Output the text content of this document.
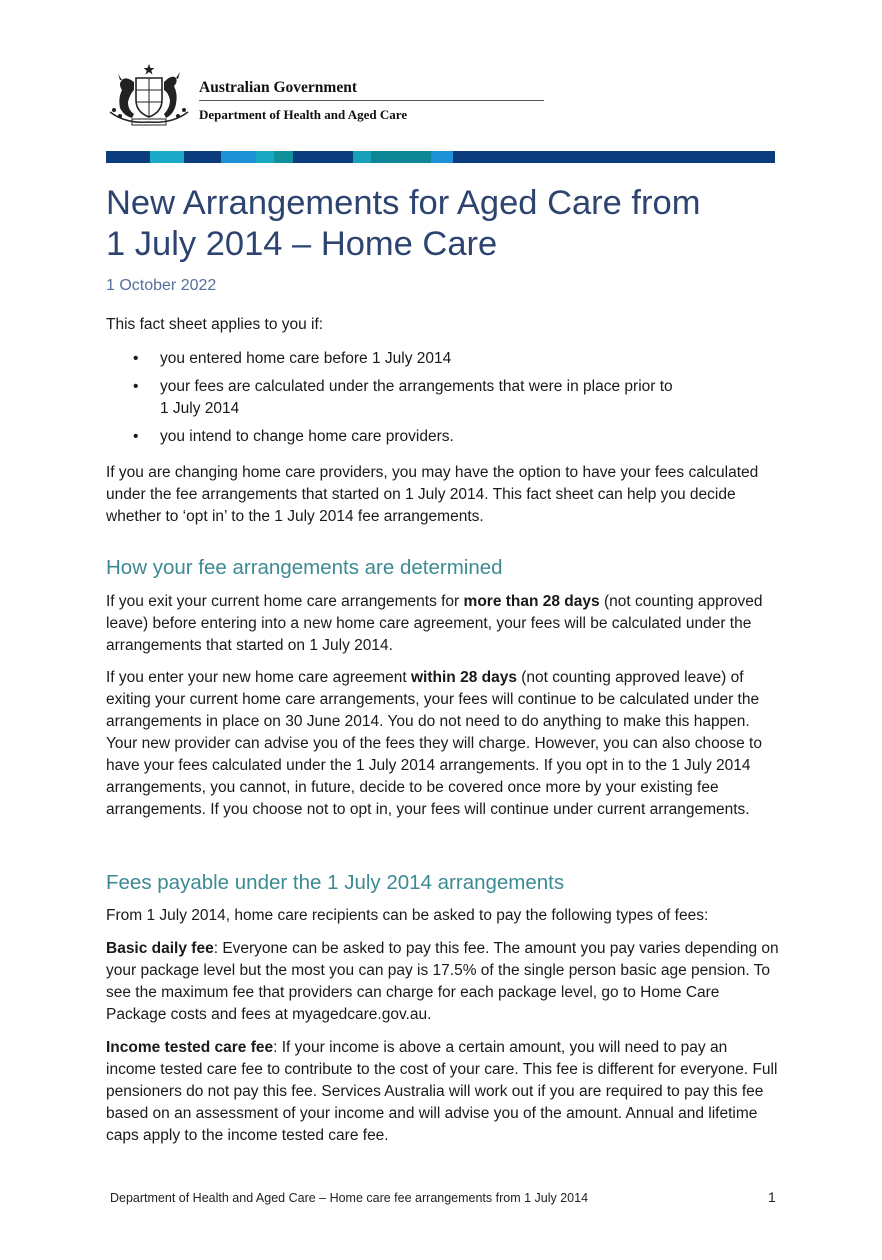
Australian Government
Department of Health and Aged Care
New Arrangements for Aged Care from
1 July 2014 – Home Care
1 October 2022

This fact sheet applies to you if:

• you entered home care before 1 July 2014
• your fees are calculated under the arrangements that were in place prior to
1 July 2014
• you intend to change home care providers.

If you are changing home care providers, you may have the option to have your fees calculated under the fee arrangements that started on 1 July 2014. This fact sheet can help you decide whether to ‘opt in’ to the 1 July 2014 fee arrangements.

How your fee arrangements are determined

If you exit your current home care arrangements for more than 28 days (not counting approved leave) before entering into a new home care agreement, your fees will be calculated under the arrangements that started on 1 July 2014.

If you enter your new home care agreement within 28 days (not counting approved leave) of exiting your current home care arrangements, your fees will continue to be calculated under the arrangements in place on 30 June 2014. You do not need to do anything to make this happen. Your new provider can advise you of the fees they will charge. However, you can also choose to have your fees calculated under the 1 July 2014 arrangements. If you opt in to the 1 July 2014 arrangements, you cannot, in future, decide to be covered once more by your existing fee arrangements. If you choose not to opt in, your fees will continue under current arrangements.

Fees payable under the 1 July 2014 arrangements

From 1 July 2014, home care recipients can be asked to pay the following types of fees:

Basic daily fee: Everyone can be asked to pay this fee. The amount you pay varies depending on your package level but the most you can pay is 17.5% of the single person basic age pension. To see the maximum fee that providers can charge for each package level, go to Home Care Package costs and fees at myagedcare.gov.au.

Income tested care fee: If your income is above a certain amount, you will need to pay an income tested care fee to contribute to the cost of your care. This fee is different for everyone. Full pensioners do not pay this fee. Services Australia will work out if you are required to pay this fee based on an assessment of your income and will advise you of the amount. Annual and lifetime caps apply to the income tested care fee.

Department of Health and Aged Care – Home care fee arrangements from 1 July 2014	1
